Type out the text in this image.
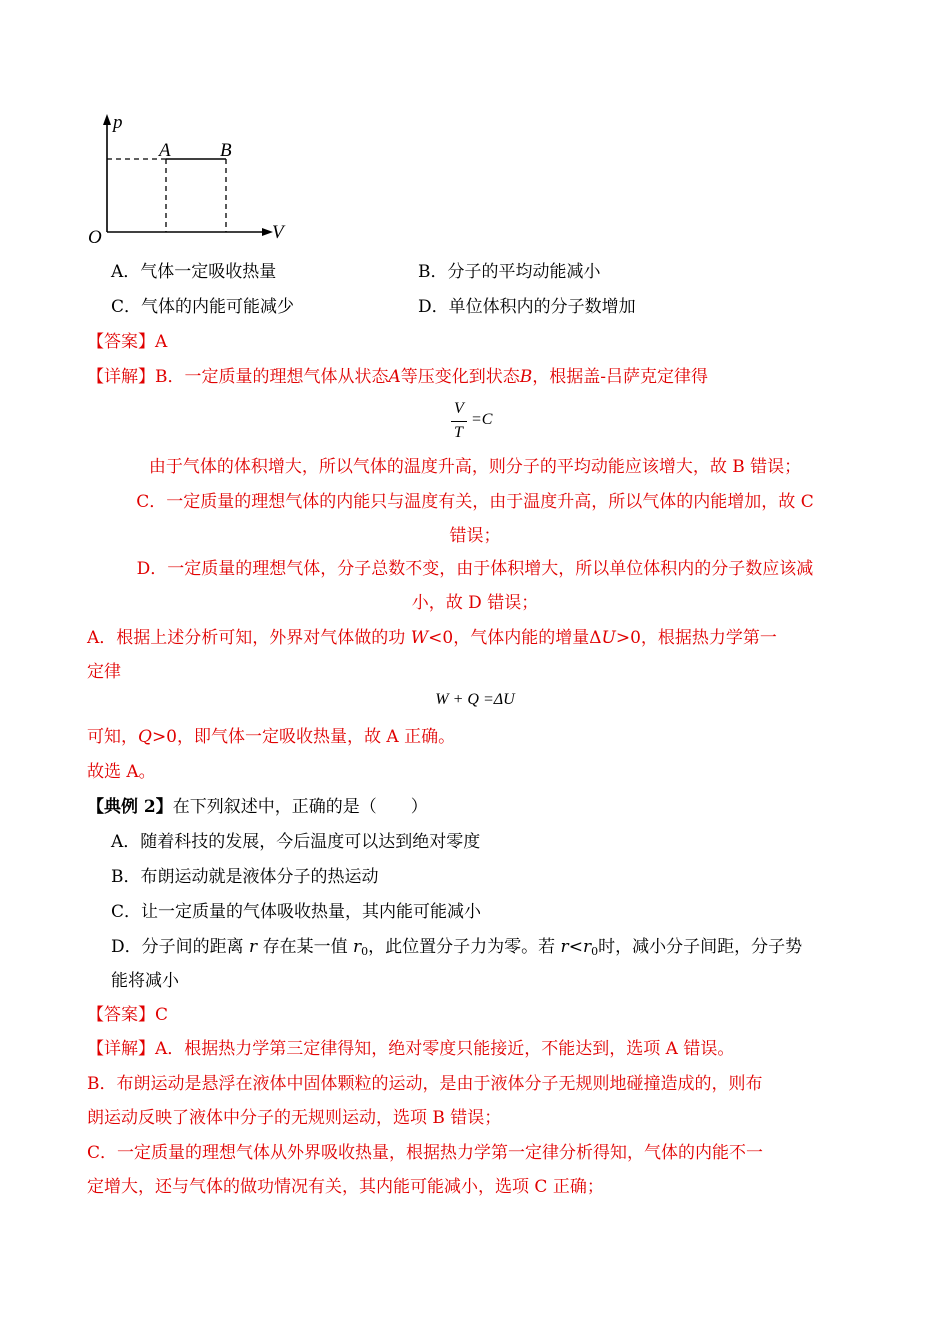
p
V
O
A	B
A．气体一定吸收热量	B．分子的平均动能减小
C．气体的内能可能减少	D．单位体积内的分子数增加
【答案】A
【详解】B．一定质量的理想气体从状态A等压变化到状态B，根据盖-吕萨克定律得
V
T
=C
由于气体的体积增大，所以气体的温度升高，则分子的平均动能应该增大，故 B 错误；
C．一定质量的理想气体的内能只与温度有关，由于温度升高，所以气体的内能增加，故 C
错误；
D．一定质量的理想气体，分子总数不变，由于体积增大，所以单位体积内的分子数应该减
小，故 D 错误；
A．根据上述分析可知，外界对气体做的功 W<0，气体内能的增量ΔU>0，根据热力学第一
定律
W + Q =ΔU
可知，Q>0，即气体一定吸收热量，故 A 正确。
故选 A。
【典例 2】在下列叙述中，正确的是（　　）
A．随着科技的发展，今后温度可以达到绝对零度
B．布朗运动就是液体分子的热运动
C．让一定质量的气体吸收热量，其内能可能减小
D．分子间的距离 r 存在某一值 $r_0$，此位置分子力为零。若 $r<r_0$时，减小分子间距，分子势
能将减小
【答案】C
【详解】A．根据热力学第三定律得知，绝对零度只能接近，不能达到，选项 A 错误。
B．布朗运动是悬浮在液体中固体颗粒的运动，是由于液体分子无规则地碰撞造成的，则布
朗运动反映了液体中分子的无规则运动，选项 B 错误；
C．一定质量的理想气体从外界吸收热量，根据热力学第一定律分析得知，气体的内能不一
定增大，还与气体的做功情况有关，其内能可能减小，选项 C 正确；
